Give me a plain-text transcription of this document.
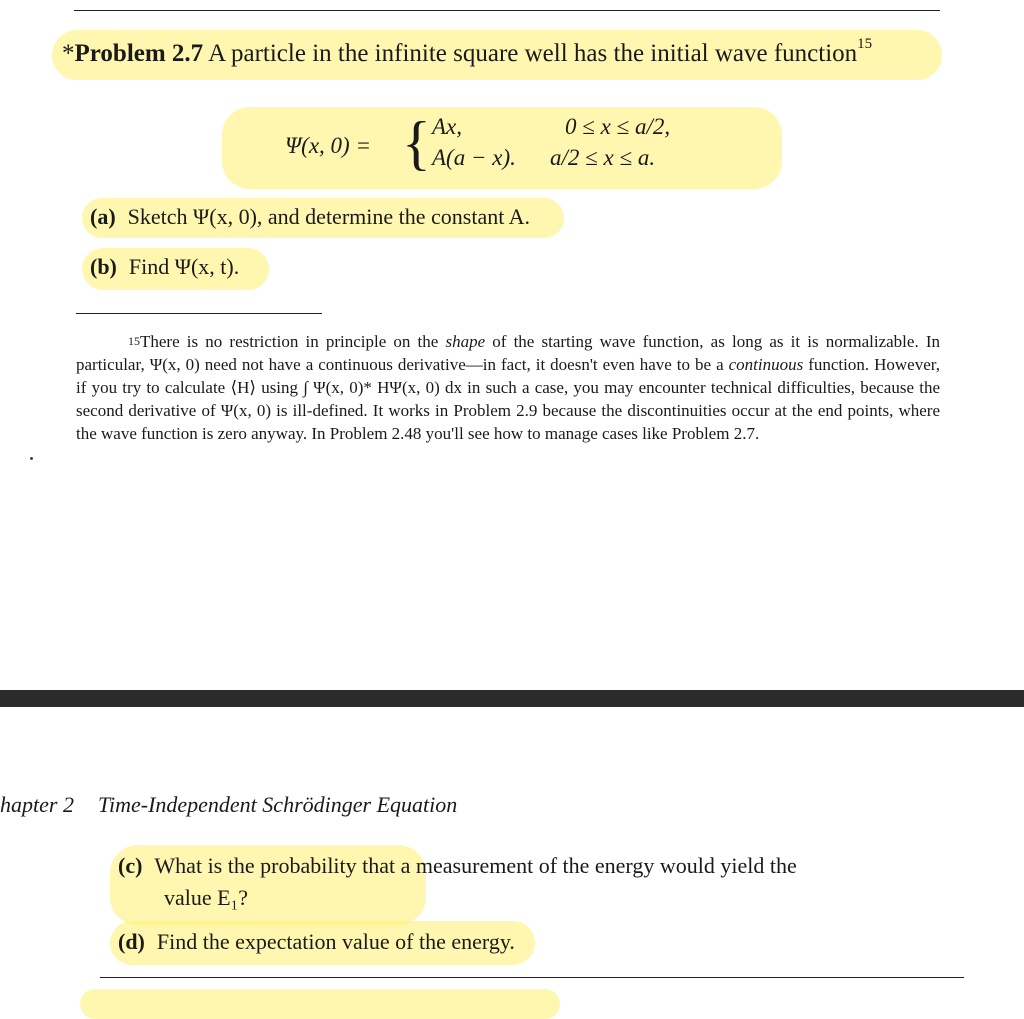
*Problem 2.7 A particle in the infinite square well has the initial wave function$^{15}$
Ψ(x, 0) = { Ax,	0 ≤ x ≤ a/2,
A(a − x). a/2 ≤ x ≤ a.
(a) Sketch Ψ(x, 0), and determine the constant A.
(b) Find Ψ(x, t).
$^{15}$There is no restriction in principle on the shape of the starting wave function, as long as it is normalizable. In particular, Ψ(x, 0) need not have a continuous derivative—in fact, it doesn't even have to be a continuous function. However, if you try to calculate ⟨H⟩ using ∫ Ψ(x, 0)* HΨ(x, 0) dx in such a case, you may encounter technical difficulties, because the second derivative of Ψ(x, 0) is ill-defined. It works in Problem 2.9 because the discontinuities occur at the end points, where the wave function is zero anyway. In Problem 2.48 you'll see how to manage cases like Problem 2.7.
hapter 2 Time-Independent Schrödinger Equation
(c) What is the probability that a measurement of the energy would yield the
value E₁?
(d) Find the expectation value of the energy.
